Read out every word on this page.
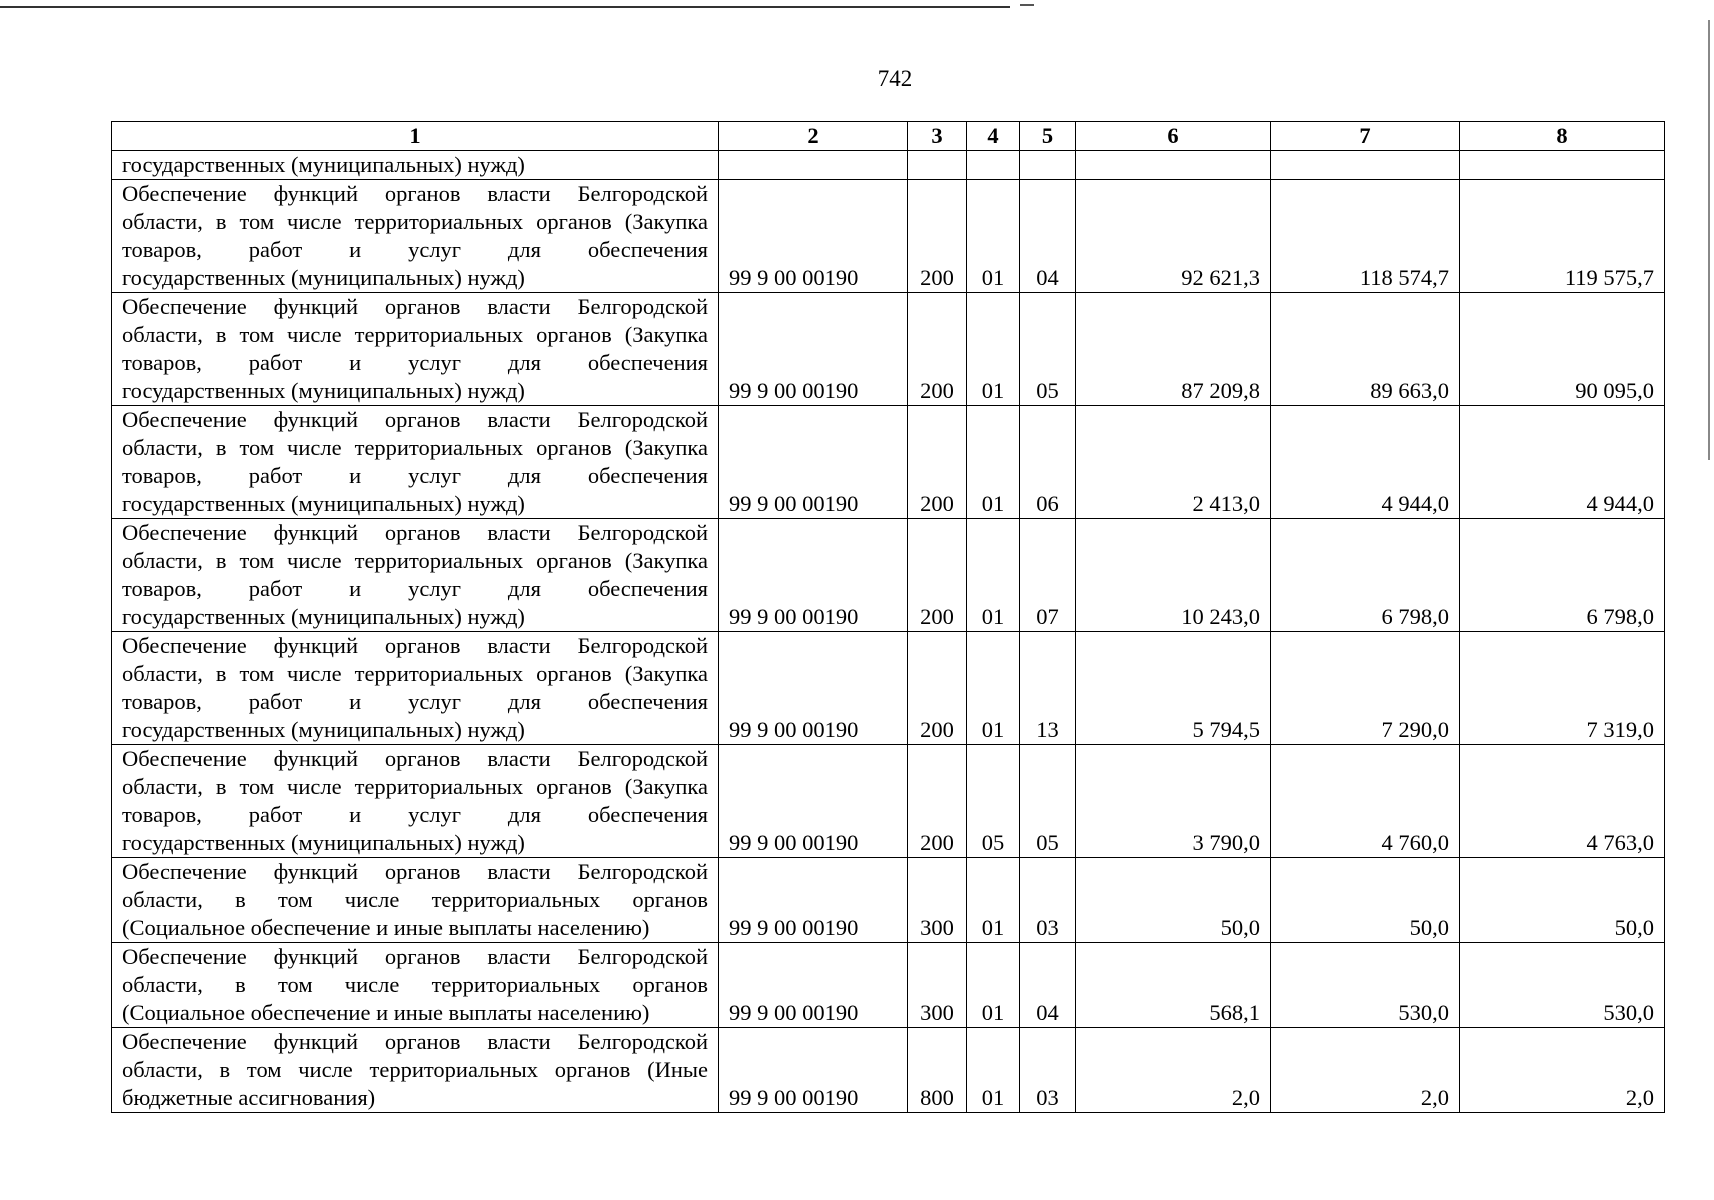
742
1	2	3	4	5	6	7	8
государственных (муниципальных) нужд)							

Обеспечение функций органов власти Белгородской
области, в том числе территориальных органов (Закупка
товаров, работ и услуг для обеспечения
государственных (муниципальных) нужд)	99 9 00 00190	200	01	04	92 621,3	118 574,7	119 575,7

Обеспечение функций органов власти Белгородской
области, в том числе территориальных органов (Закупка
товаров, работ и услуг для обеспечения
государственных (муниципальных) нужд)	99 9 00 00190	200	01	05	87 209,8	89 663,0	90 095,0

Обеспечение функций органов власти Белгородской
области, в том числе территориальных органов (Закупка
товаров, работ и услуг для обеспечения
государственных (муниципальных) нужд)	99 9 00 00190	200	01	06	2 413,0	4 944,0	4 944,0

Обеспечение функций органов власти Белгородской
области, в том числе территориальных органов (Закупка
товаров, работ и услуг для обеспечения
государственных (муниципальных) нужд)	99 9 00 00190	200	01	07	10 243,0	6 798,0	6 798,0

Обеспечение функций органов власти Белгородской
области, в том числе территориальных органов (Закупка
товаров, работ и услуг для обеспечения
государственных (муниципальных) нужд)	99 9 00 00190	200	01	13	5 794,5	7 290,0	7 319,0

Обеспечение функций органов власти Белгородской
области, в том числе территориальных органов (Закупка
товаров, работ и услуг для обеспечения
государственных (муниципальных) нужд)	99 9 00 00190	200	05	05	3 790,0	4 760,0	4 763,0

Обеспечение функций органов власти Белгородской
области, в том числе территориальных органов
(Социальное обеспечение и иные выплаты населению)	99 9 00 00190	300	01	03	50,0	50,0	50,0

Обеспечение функций органов власти Белгородской
области, в том числе территориальных органов
(Социальное обеспечение и иные выплаты населению)	99 9 00 00190	300	01	04	568,1	530,0	530,0

Обеспечение функций органов власти Белгородской
области, в том числе территориальных органов (Иные
бюджетные ассигнования)	99 9 00 00190	800	01	03	2,0	2,0	2,0
